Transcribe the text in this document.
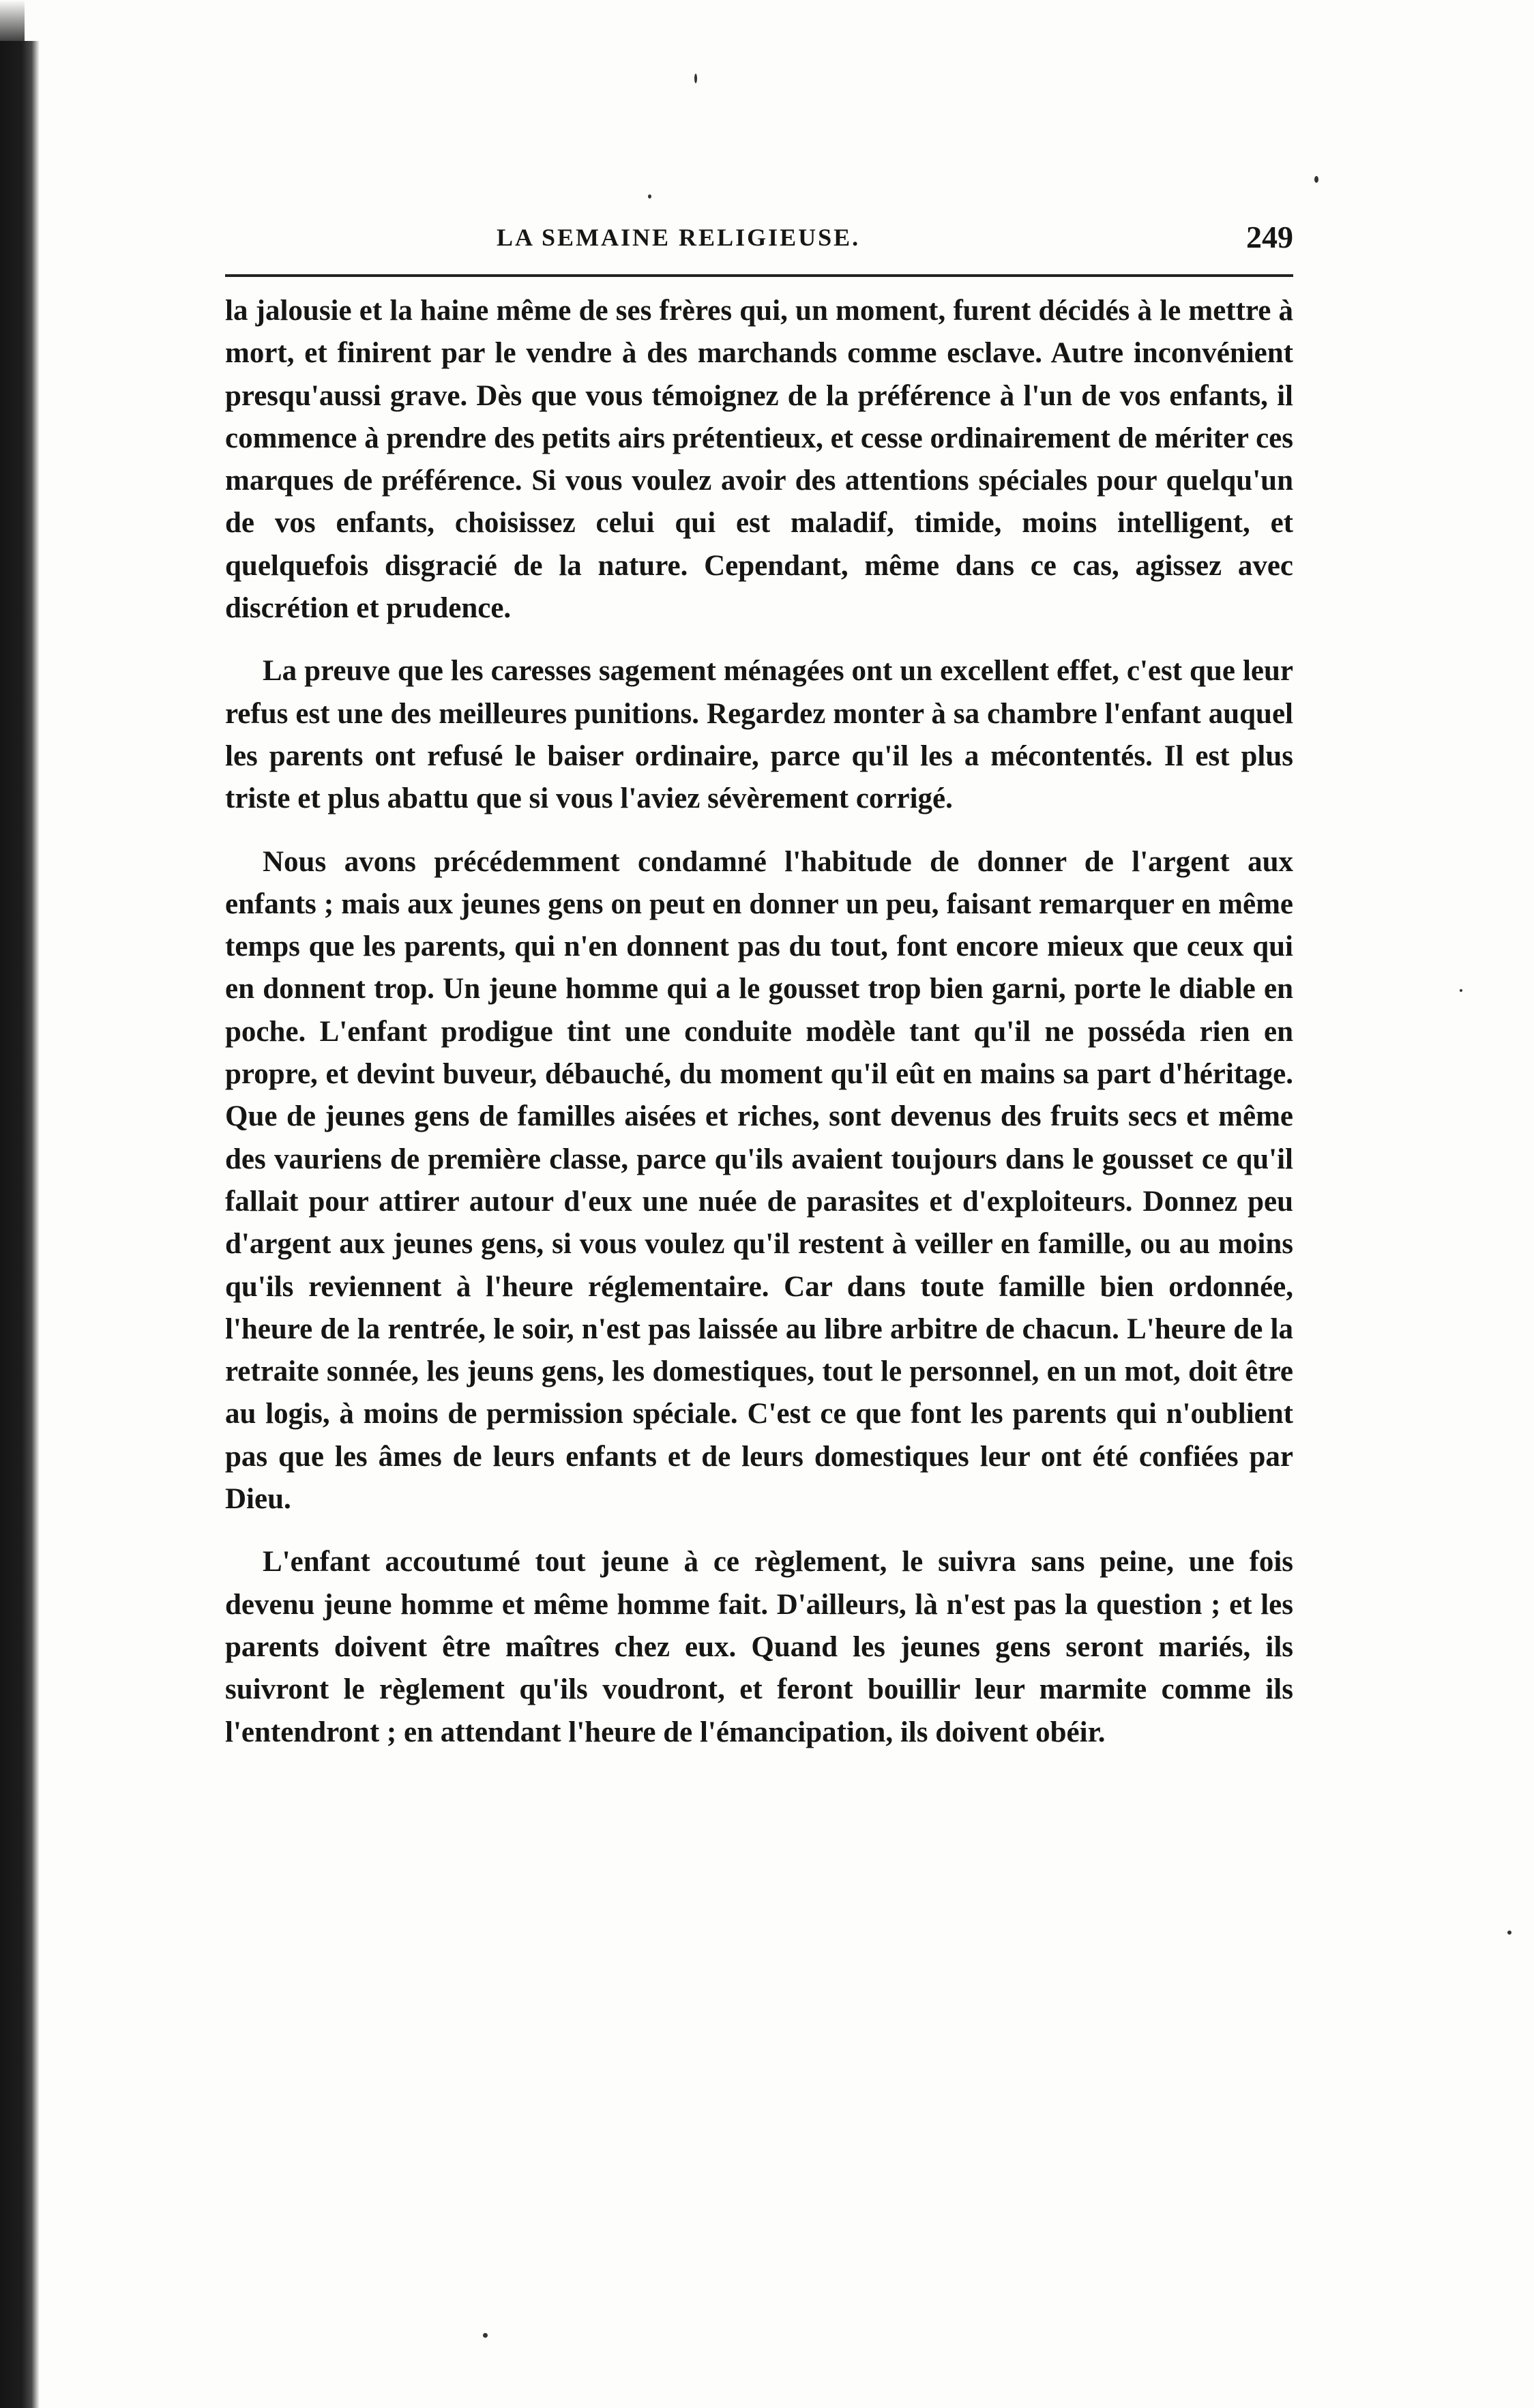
LA SEMAINE RELIGIEUSE.	249

la jalousie et la haine même de ses frères qui, un moment, furent décidés à le mettre à mort, et finirent par le vendre à des marchands comme esclave. Autre inconvénient presqu'aussi grave. Dès que vous témoignez de la préférence à l'un de vos enfants, il commence à prendre des petits airs prétentieux, et cesse ordinairement de mériter ces marques de préférence. Si vous voulez avoir des attentions spéciales pour quelqu'un de vos enfants, choisissez celui qui est maladif, timide, moins intelligent, et quelquefois disgracié de la nature. Cependant, même dans ce cas, agissez avec discrétion et prudence.

La preuve que les caresses sagement ménagées ont un excellent effet, c'est que leur refus est une des meilleures punitions. Regardez monter à sa chambre l'enfant auquel les parents ont refusé le baiser ordinaire, parce qu'il les a mécontentés. Il est plus triste et plus abattu que si vous l'aviez sévèrement corrigé.

Nous avons précédemment condamné l'habitude de donner de l'argent aux enfants ; mais aux jeunes gens on peut en donner un peu, faisant remarquer en même temps que les parents, qui n'en donnent pas du tout, font encore mieux que ceux qui en donnent trop. Un jeune homme qui a le gousset trop bien garni, porte le diable en poche. L'enfant prodigue tint une conduite modèle tant qu'il ne posséda rien en propre, et devint buveur, débauché, du moment qu'il eût en mains sa part d'héritage. Que de jeunes gens de familles aisées et riches, sont devenus des fruits secs et même des vauriens de première classe, parce qu'ils avaient toujours dans le gousset ce qu'il fallait pour attirer autour d'eux une nuée de parasites et d'exploiteurs. Donnez peu d'argent aux jeunes gens, si vous voulez qu'il restent à veiller en famille, ou au moins qu'ils reviennent à l'heure réglementaire. Car dans toute famille bien ordonnée, l'heure de la rentrée, le soir, n'est pas laissée au libre arbitre de chacun. L'heure de la retraite sonnée, les jeuns gens, les domestiques, tout le personnel, en un mot, doit être au logis, à moins de permission spéciale. C'est ce que font les parents qui n'oublient pas que les âmes de leurs enfants et de leurs domestiques leur ont été confiées par Dieu.

L'enfant accoutumé tout jeune à ce règlement, le suivra sans peine, une fois devenu jeune homme et même homme fait. D'ailleurs, là n'est pas la question ; et les parents doivent être maîtres chez eux. Quand les jeunes gens seront mariés, ils suivront le règlement qu'ils voudront, et feront bouillir leur marmite comme ils l'entendront ; en attendant l'heure de l'émancipation, ils doivent obéir.
